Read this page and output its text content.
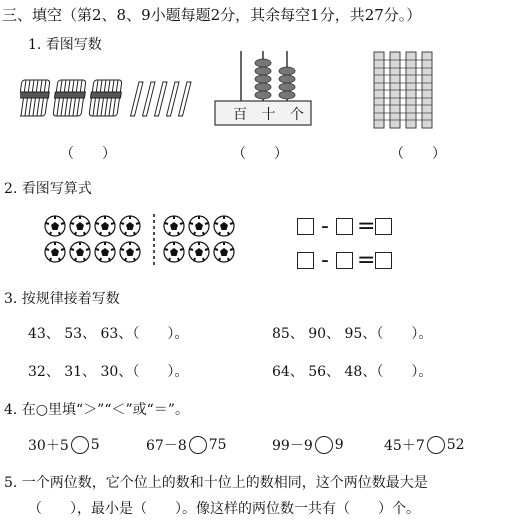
三、填空（第2、8、9小题每题2分，其余每空1分，共27分。）
1. 看图写数
百 十 个
（　　）	（　　）	（　　）
2. 看图写算式
- =
- =
3. 按规律接着写数
43、 53、 63、（　　）。	85、 90、 95、（　　）。
32、 31、 30、（　　）。	64、 56、 48、（　　）。
4. 在○里填“＞”“＜”或“＝”。
30＋5 5	67－8 75	99－9 9	45＋7 52
5. 一个两位数，它个位上的数和十位上的数相同，这个两位数最大是
（　　），最小是（　　）。像这样的两位数一共有（　　）个。
